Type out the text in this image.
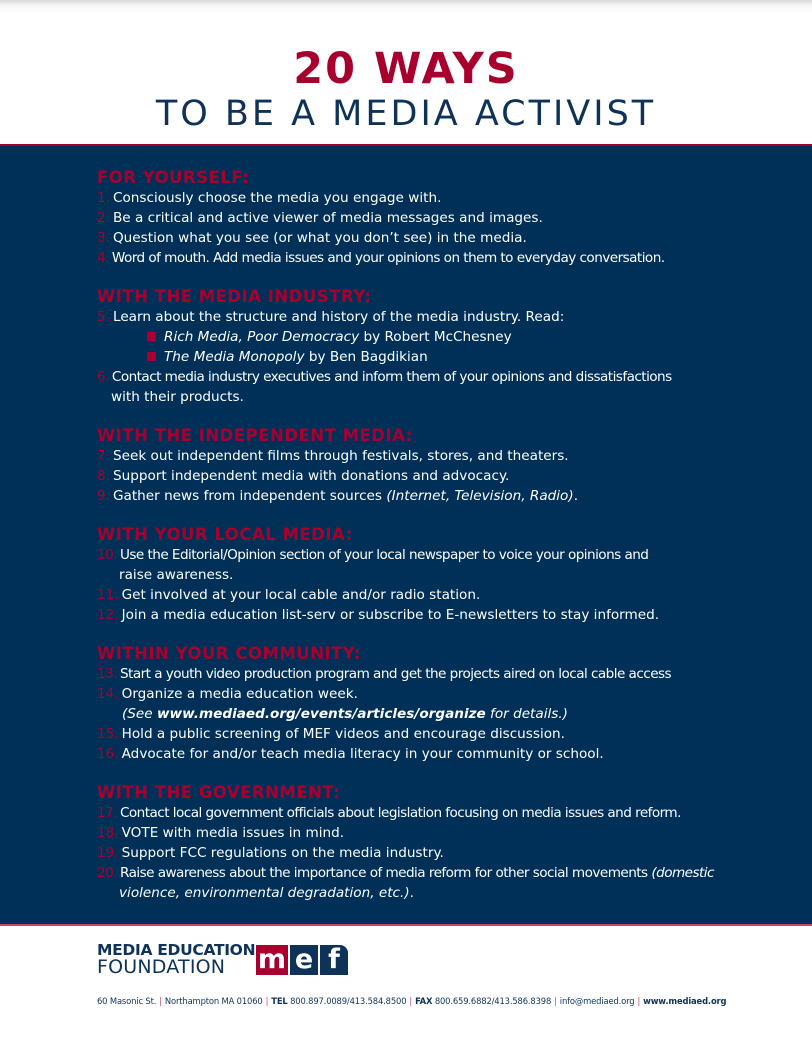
20 WAYS
TO BE A MEDIA ACTIVIST
FOR YOURSELF:
1. Consciously choose the media you engage with.
2. Be a critical and active viewer of media messages and images.
3. Question what you see (or what you don’t see) in the media.
4. Word of mouth. Add media issues and your opinions on them to everyday conversation.
WITH THE MEDIA INDUSTRY:
5. Learn about the structure and history of the media industry. Read:
Rich Media, Poor Democracy by Robert McChesney
The Media Monopoly by Ben Bagdikian
6. Contact media industry executives and inform them of your opinions and dissatisfactions
with their products.
WITH THE INDEPENDENT MEDIA:
7. Seek out independent films through festivals, stores, and theaters.
8. Support independent media with donations and advocacy.
9. Gather news from independent sources (Internet, Television, Radio).
WITH YOUR LOCAL MEDIA:
10. Use the Editorial/Opinion section of your local newspaper to voice your opinions and
raise awareness.
11. Get involved at your local cable and/or radio station.
12. Join a media education list-serv or subscribe to E-newsletters to stay informed.
WITHIN YOUR COMMUNITY:
13. Start a youth video production program and get the projects aired on local cable access
14. Organize a media education week.
(See www.mediaed.org/events/articles/organize for details.)
15. Hold a public screening of MEF videos and encourage discussion.
16. Advocate for and/or teach media literacy in your community or school.
WITH THE GOVERNMENT:
17. Contact local government officials about legislation focusing on media issues and reform.
18. VOTE with media issues in mind.
19. Support FCC regulations on the media industry.
20. Raise awareness about the importance of media reform for other social movements (domestic
violence, environmental degradation, etc.).
MEDIA EDUCATION
FOUNDATION	m e f
60 Masonic St. | Northampton MA 01060 | TEL 800.897.0089/413.584.8500 | FAX 800.659.6882/413.586.8398 | info@mediaed.org | www.mediaed.org
